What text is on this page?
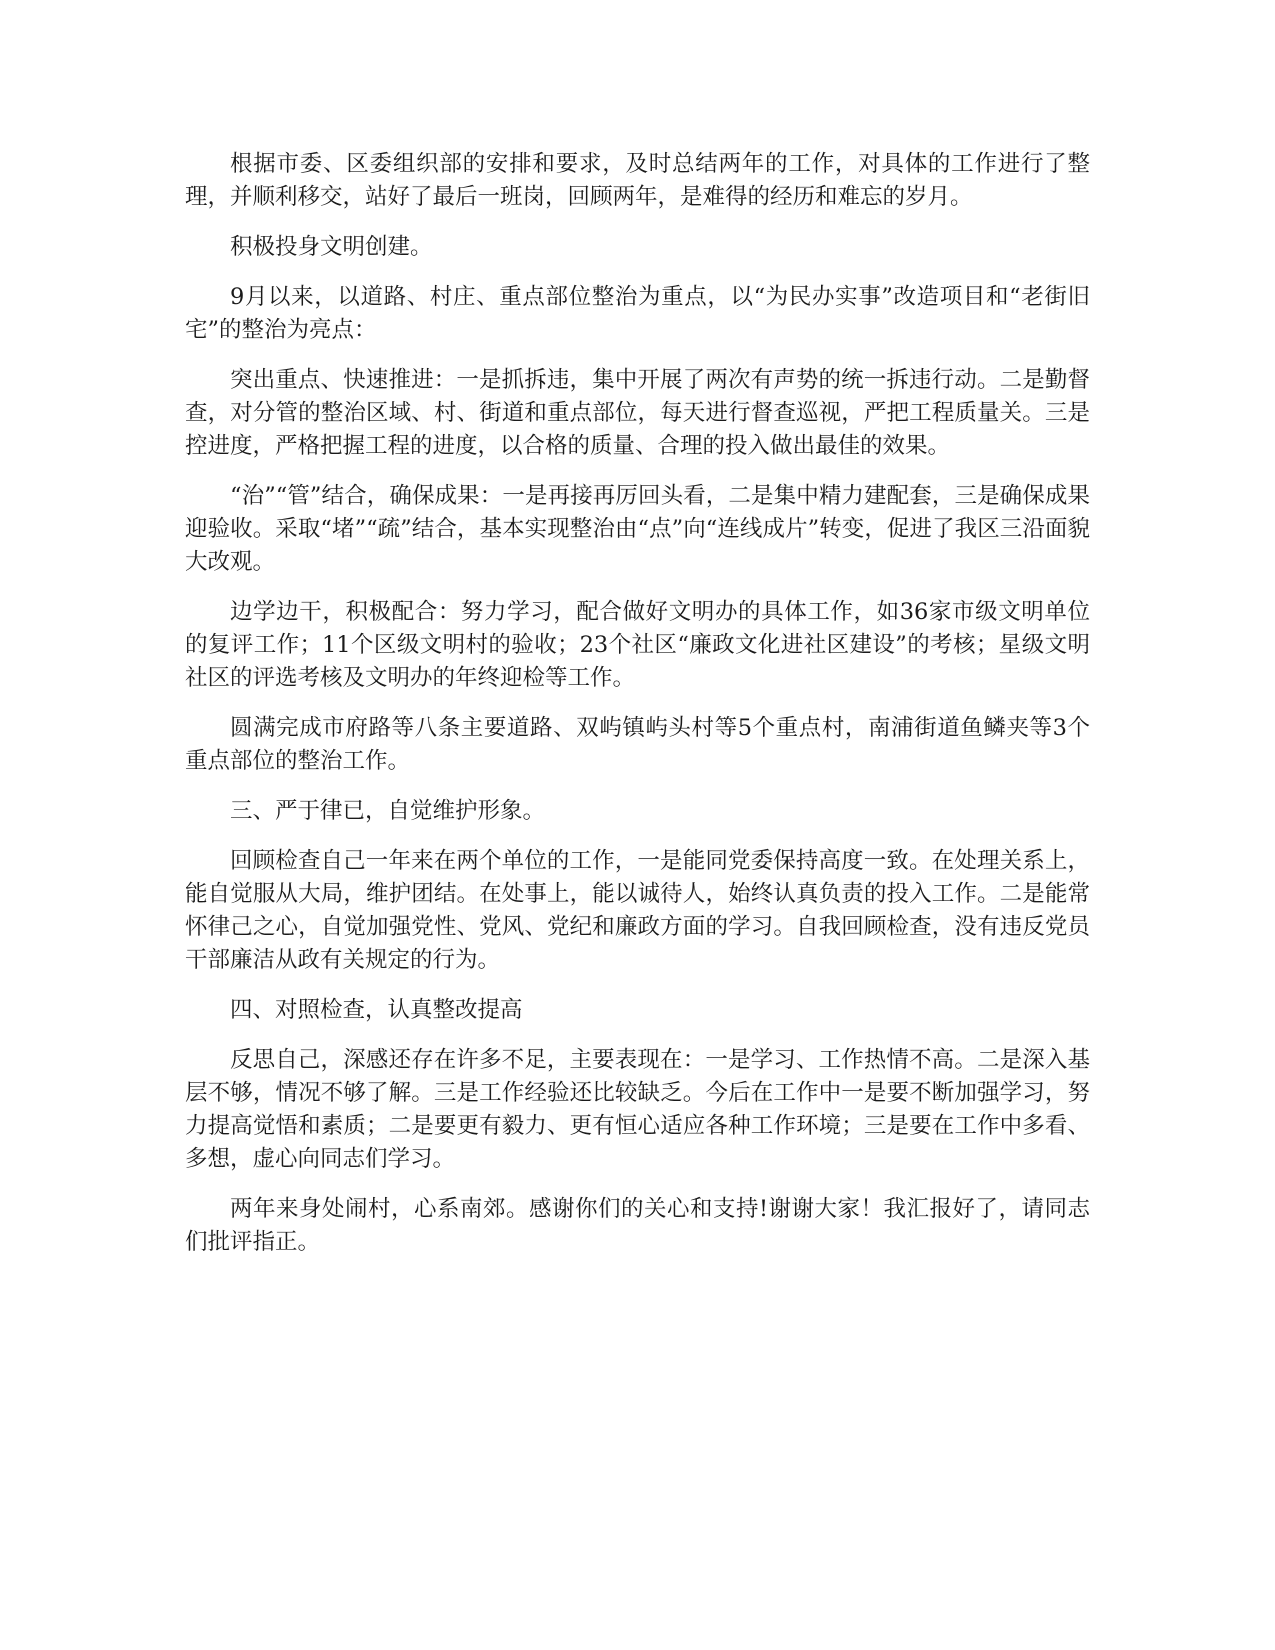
根据市委、区委组织部的安排和要求，及时总结两年的工作，对具体的工作进行了整理，并顺利移交，站好了最后一班岗，回顾两年，是难得的经历和难忘的岁月。

积极投身文明创建。

9月以来，以道路、村庄、重点部位整治为重点，以“为民办实事”改造项目和“老街旧宅”的整治为亮点：

突出重点、快速推进：一是抓拆违，集中开展了两次有声势的统一拆违行动。二是勤督查，对分管的整治区域、村、街道和重点部位，每天进行督查巡视，严把工程质量关。三是控进度，严格把握工程的进度，以合格的质量、合理的投入做出最佳的效果。

“治”“管”结合，确保成果：一是再接再厉回头看，二是集中精力建配套，三是确保成果迎验收。采取“堵”“疏”结合，基本实现整治由“点”向“连线成片”转变，促进了我区三沿面貌大改观。

边学边干，积极配合：努力学习，配合做好文明办的具体工作，如36家市级文明单位的复评工作；11个区级文明村的验收；23个社区“廉政文化进社区建设”的考核；星级文明社区的评选考核及文明办的年终迎检等工作。

圆满完成市府路等八条主要道路、双屿镇屿头村等5个重点村，南浦街道鱼鳞夹等3个重点部位的整治工作。

三、严于律已，自觉维护形象。

回顾检查自己一年来在两个单位的工作，一是能同党委保持高度一致。在处理关系上，能自觉服从大局，维护团结。在处事上，能以诚待人，始终认真负责的投入工作。二是能常怀律己之心，自觉加强党性、党风、党纪和廉政方面的学习。自我回顾检查，没有违反党员干部廉洁从政有关规定的行为。

四、对照检查，认真整改提高

反思自己，深感还存在许多不足，主要表现在：一是学习、工作热情不高。二是深入基层不够，情况不够了解。三是工作经验还比较缺乏。今后在工作中一是要不断加强学习，努力提高觉悟和素质；二是要更有毅力、更有恒心适应各种工作环境；三是要在工作中多看、多想，虚心向同志们学习。

两年来身处闹村，心系南郊。感谢你们的关心和支持!谢谢大家！我汇报好了，请同志们批评指正。
